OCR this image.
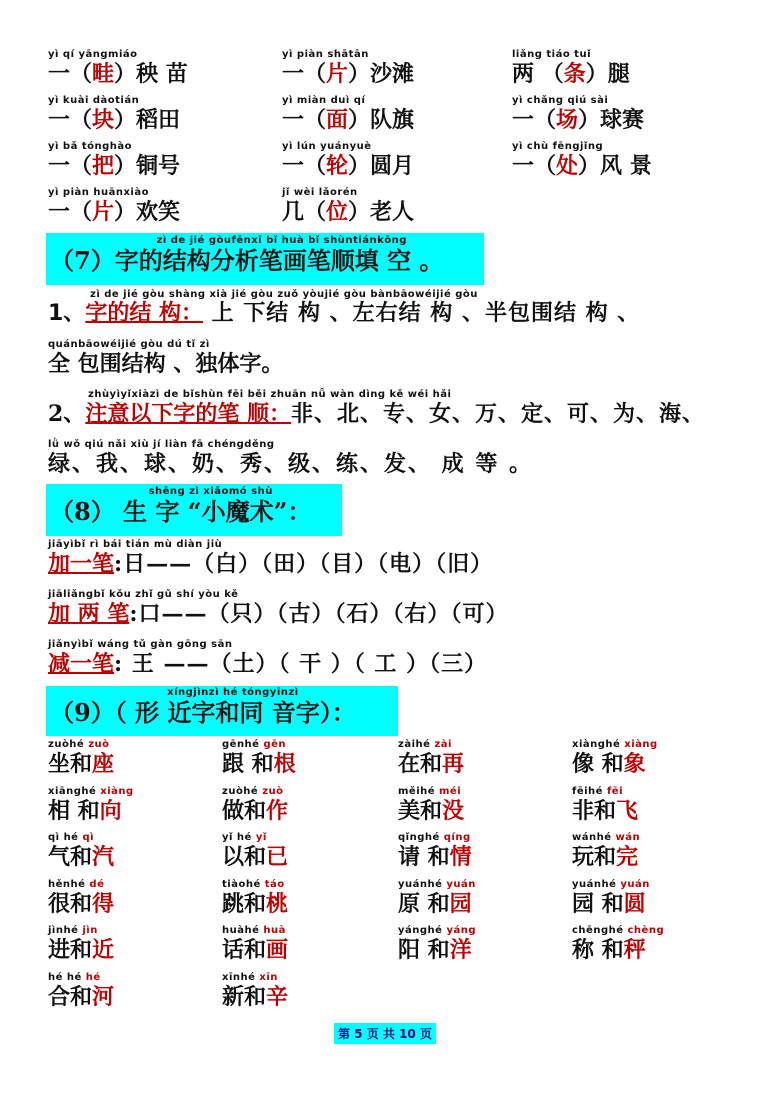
yì qí yāngmiáo
一（畦）秧 苗
yì piàn shātān
一（片）沙滩
liǎng tiáo tuǐ
两 （条）腿
yì kuài dàotián
一（块）稻田
yì miàn duì qí
一（面）队旗
yì chǎng qiú sài
一（场）球赛
yì bǎ tónghào
一（把）铜号
yì lún yuányuè
一（轮）圆月
yì chù fēngjǐng
一（处）风 景
yì piàn huānxiào
一（片）欢笑
jǐ wèi lǎorén
几（位）老人
zì de jié gòufēnxī bǐ huà bǐ shùntiánkōng
（7）字的结构分析笔画笔顺填 空 。
zì de jié gòu shàng xià jié gòu zuǒ yòujié gòu bànbāowéijié gòu
1、字的结 构： 上 下结 构 、左右结 构 、半包围结 构 、
quánbāowéijié gòu dú tǐ zì
全 包围结构 、独体字。
zhùyìyǐxiàzì de bǐshùn fēi běi zhuān nǚ wàn dìng kě wéi hǎi
2、注意以下字的笔 顺：非、北、专、女、万、定、可、为、海、
lǜ wǒ qiú nǎi xiù jí liàn fā chéngděng
绿、我、球、奶、秀、级、练、发、 成 等 。
shēng zì xiǎomó shù
（8） 生 字 “小魔术”：
jiāyìbǐ rì bái tián mù diàn jiù
加一笔:日——（白）（田）（目）（电）（旧）
jiāliǎngbǐ kǒu zhǐ gǔ shí yòu kě
加 两 笔:口——（只）（古）（石）（右）（可）
jiǎnyìbǐ wáng tǔ gàn gōng sān
减一笔: 王 ——（土）（ 干 ）（ 工 ）（三）
xíngjìnzì hé tóngyīnzì
（9）（ 形 近字和同 音字）：
zuòhé zuò
坐和座
gēnhé gēn
跟 和根
zàihé zài
在和再
xiànghé xiàng
像 和象
xiānghé xiàng
相 和向
zuòhé zuò
做和作
měihé méi
美和没
fēihé fēi
非和飞
qì hé qì
气和汽
yǐ hé yǐ
以和已
qǐnghé qíng
请 和情
wánhé wán
玩和完
hěnhé dé
很和得
tiàohé táo
跳和桃
yuánhé yuán
原 和园
yuánhé yuán
园 和圆
jìnhé jìn
进和近
huàhé huà
话和画
yánghé yáng
阳 和洋
chēnghé chèng
称 和秤
hé hé hé
合和河
xīnhé xīn
新和辛
第 5 页 共 10 页
